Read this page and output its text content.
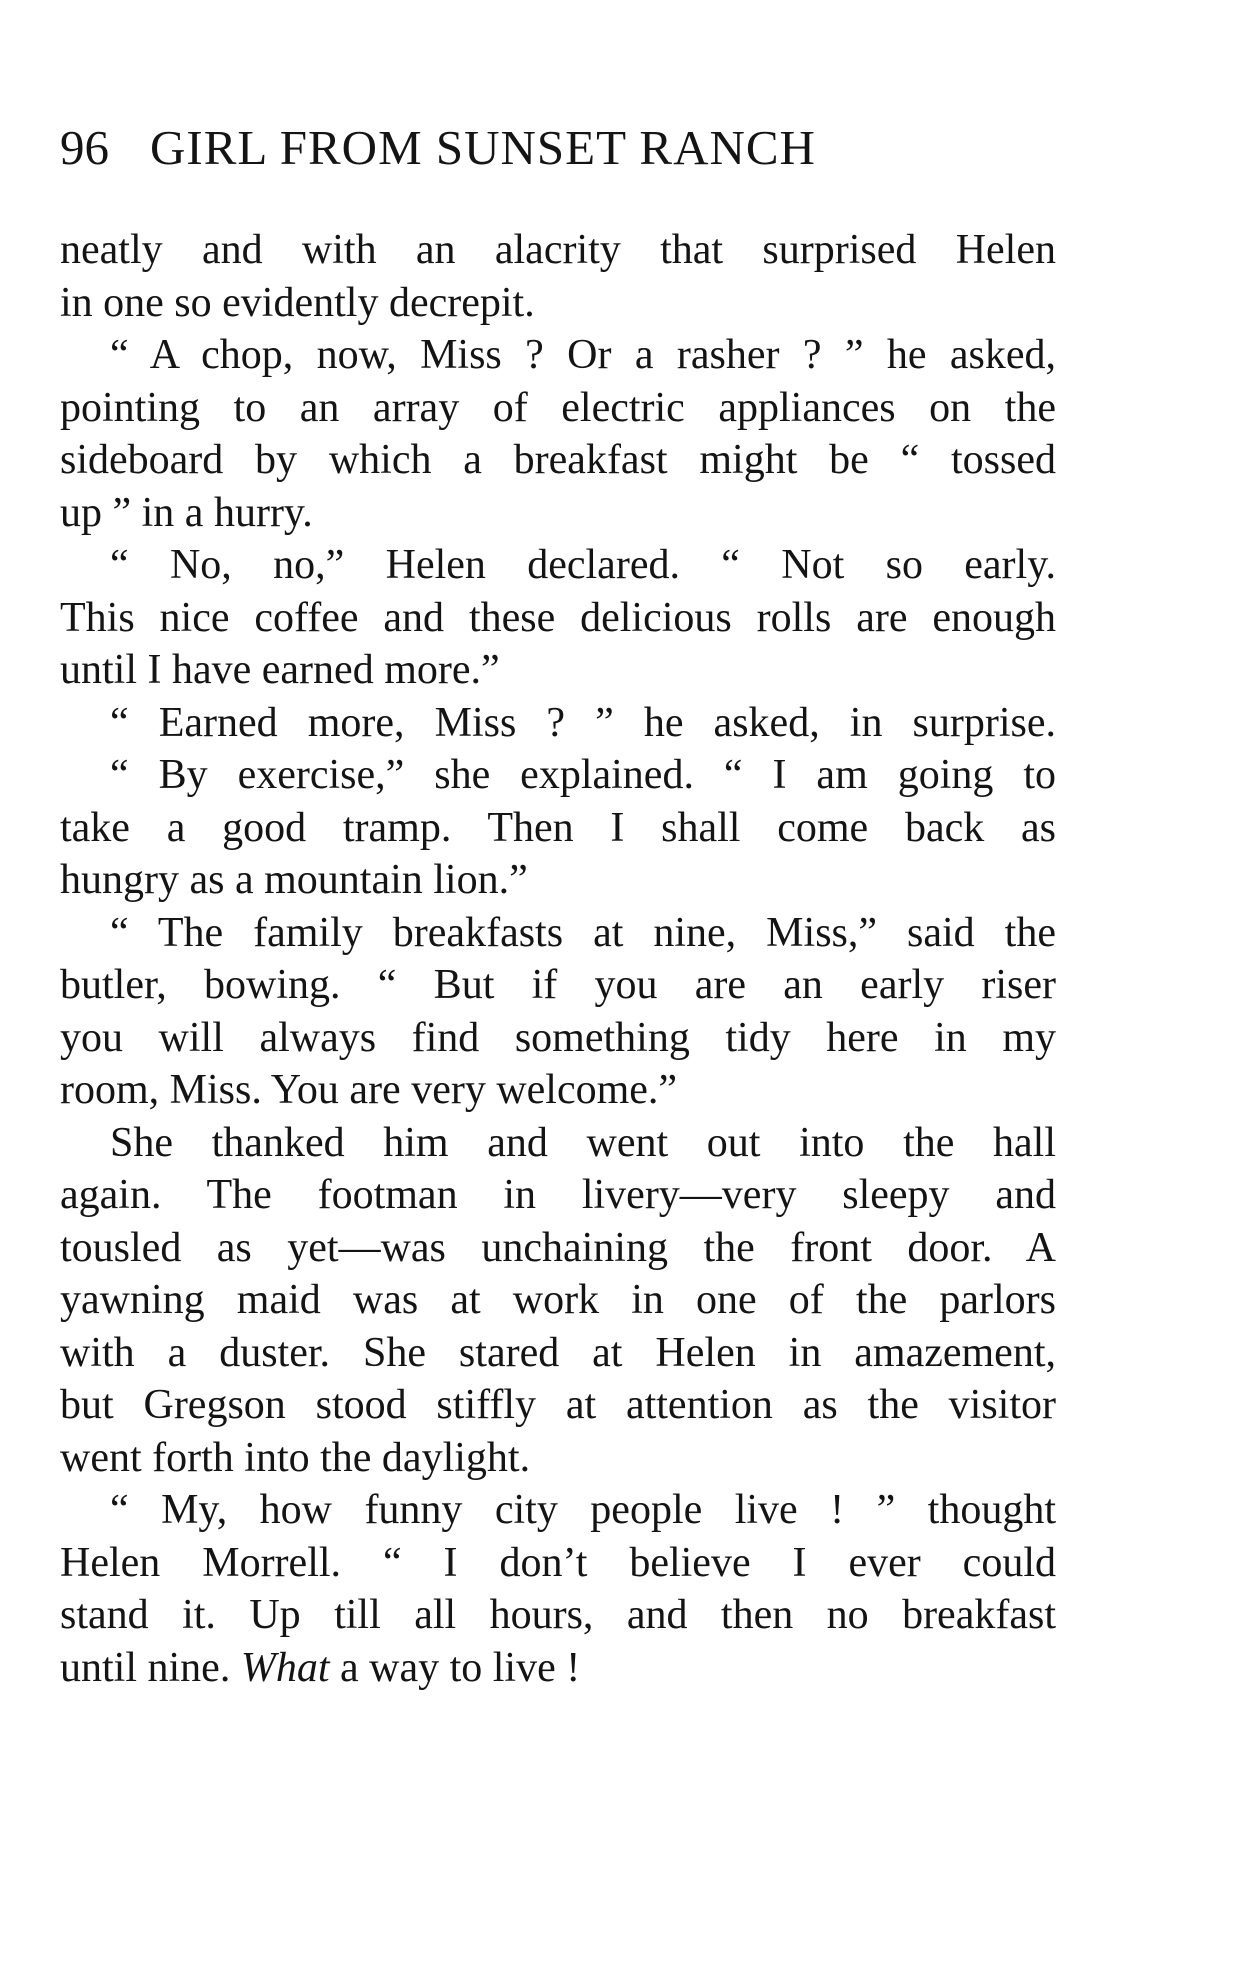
96 GIRL FROM SUNSET RANCH
neatly and with an alacrity that surprised Helen
in one so evidently decrepit.
“ A chop, now, Miss ? Or a rasher ? ” he asked,
pointing to an array of electric appliances on the
sideboard by which a breakfast might be “ tossed
up ” in a hurry.
“ No, no,” Helen declared. “ Not so early.
This nice coffee and these delicious rolls are enough
until I have earned more.”
“ Earned more, Miss ? ” he asked, in surprise.
“ By exercise,” she explained. “ I am going to
take a good tramp. Then I shall come back as
hungry as a mountain lion.”
“ The family breakfasts at nine, Miss,” said the
butler, bowing. “ But if you are an early riser
you will always find something tidy here in my
room, Miss. You are very welcome.”
She thanked him and went out into the hall
again. The footman in livery—very sleepy and
tousled as yet—was unchaining the front door. A
yawning maid was at work in one of the parlors
with a duster. She stared at Helen in amazement,
but Gregson stood stiffly at attention as the visitor
went forth into the daylight.
“ My, how funny city people live ! ” thought
Helen Morrell. “ I don’t believe I ever could
stand it. Up till all hours, and then no breakfast
until nine. What a way to live !
